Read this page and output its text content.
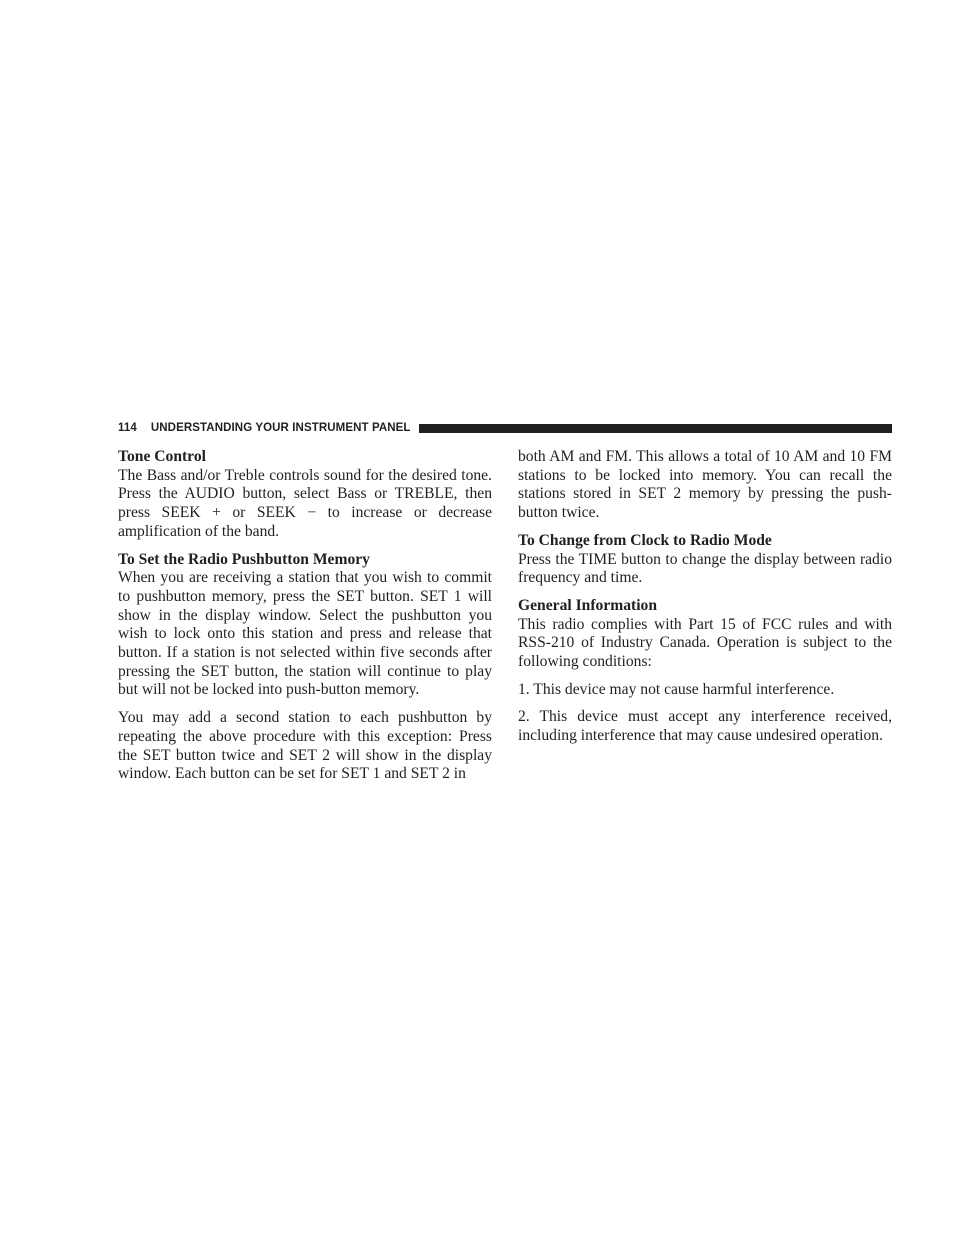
114 UNDERSTANDING YOUR INSTRUMENT PANEL
Tone Control

The Bass and/or Treble controls sound for the desired tone. Press the AUDIO button, select Bass or TREBLE, then press SEEK + or SEEK − to increase or decrease amplification of the band.

To Set the Radio Pushbutton Memory

When you are receiving a station that you wish to commit to pushbutton memory, press the SET button. SET 1 will show in the display window. Select the pushbutton you wish to lock onto this station and press and release that button. If a station is not selected within five seconds after pressing the SET button, the station will continue to play but will not be locked into push-button memory.

You may add a second station to each pushbutton by repeating the above procedure with this exception: Press the SET button twice and SET 2 will show in the display window. Each button can be set for SET 1 and SET 2 in

both AM and FM. This allows a total of 10 AM and 10 FM stations to be locked into memory. You can recall the stations stored in SET 2 memory by pressing the push-button twice.

To Change from Clock to Radio Mode

Press the TIME button to change the display between radio frequency and time.

General Information

This radio complies with Part 15 of FCC rules and with RSS-210 of Industry Canada. Operation is subject to the following conditions:

1. This device may not cause harmful interference.

2. This device must accept any interference received, including interference that may cause undesired operation.
